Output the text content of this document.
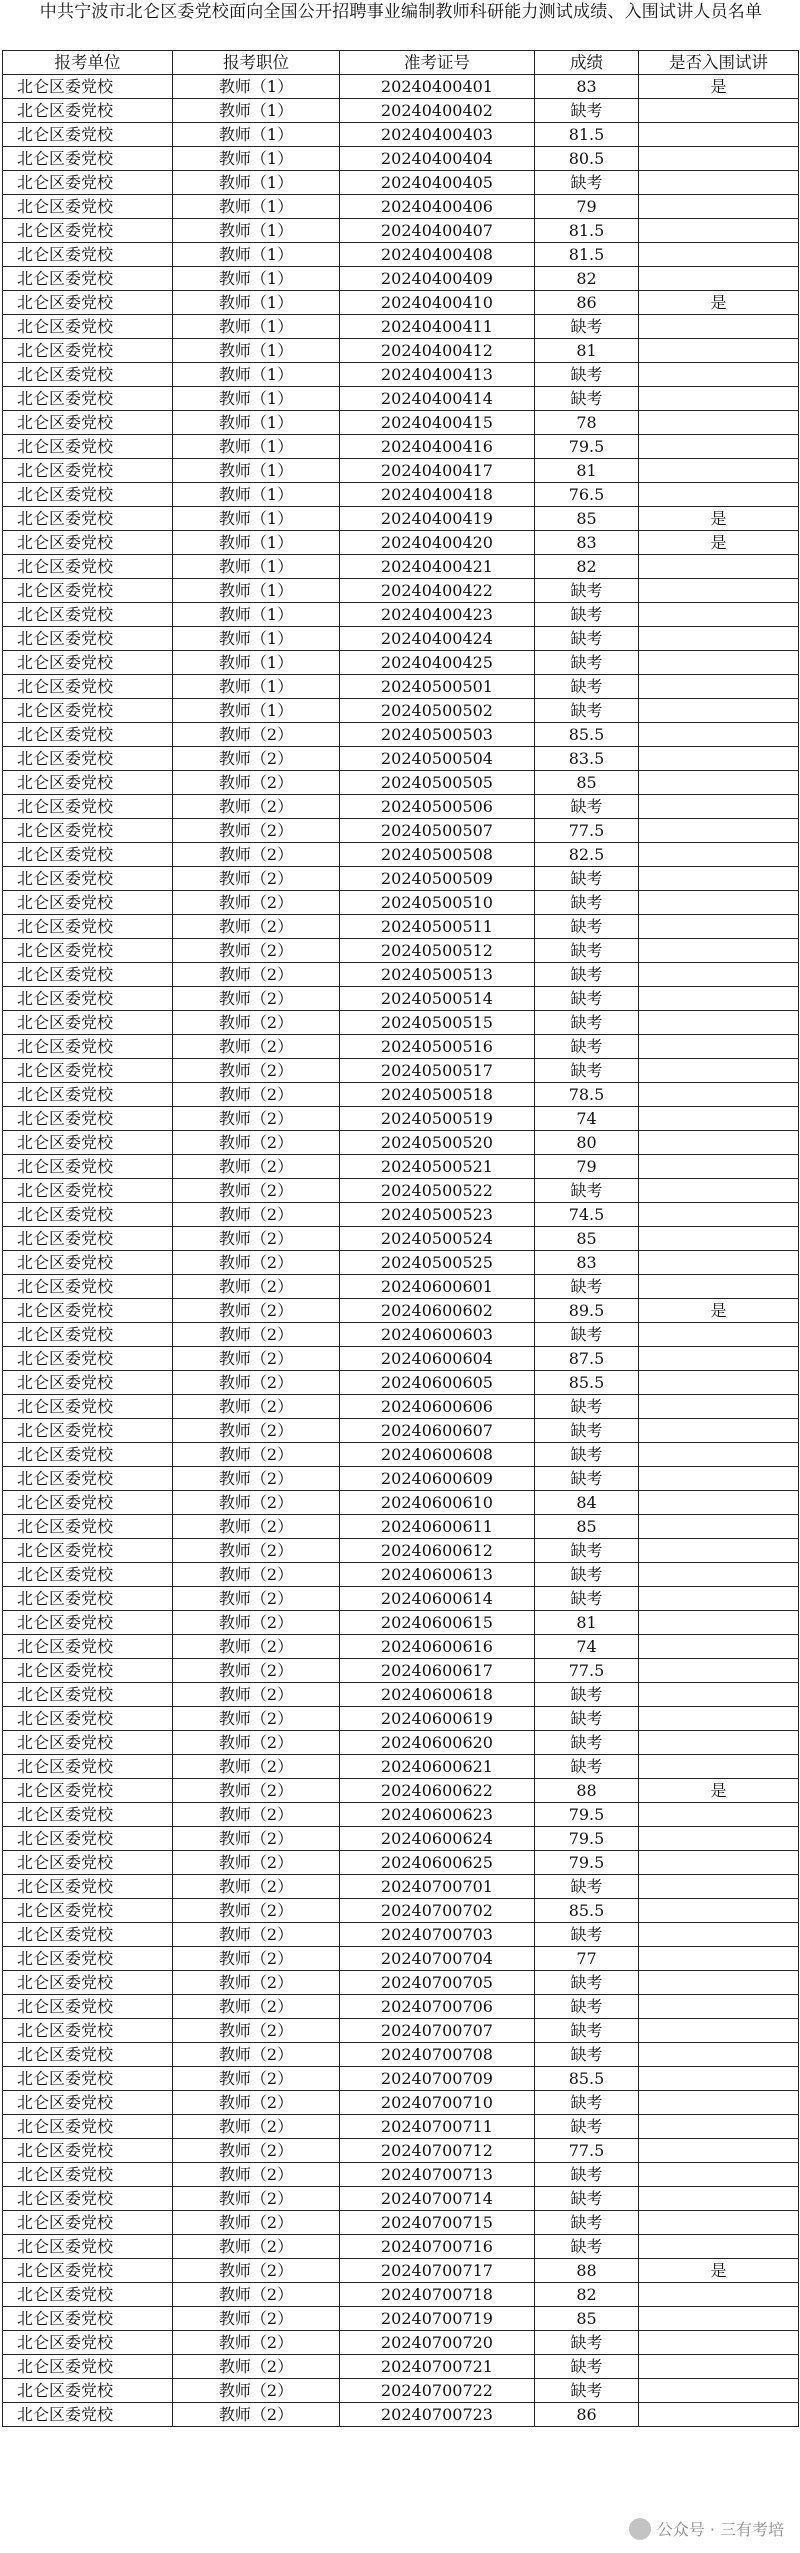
中共宁波市北仑区委党校面向全国公开招聘事业编制教师科研能力测试成绩、入围试讲人员名单
报考单位	报考职位	准考证号	成绩	是否入围试讲
北仑区委党校	教师（1）	20240400401	83	是
北仑区委党校	教师（1）	20240400402	缺考	
北仑区委党校	教师（1）	20240400403	81.5	
北仑区委党校	教师（1）	20240400404	80.5	
北仑区委党校	教师（1）	20240400405	缺考	
北仑区委党校	教师（1）	20240400406	79	
北仑区委党校	教师（1）	20240400407	81.5	
北仑区委党校	教师（1）	20240400408	81.5	
北仑区委党校	教师（1）	20240400409	82	
北仑区委党校	教师（1）	20240400410	86	是
北仑区委党校	教师（1）	20240400411	缺考	
北仑区委党校	教师（1）	20240400412	81	
北仑区委党校	教师（1）	20240400413	缺考	
北仑区委党校	教师（1）	20240400414	缺考	
北仑区委党校	教师（1）	20240400415	78	
北仑区委党校	教师（1）	20240400416	79.5	
北仑区委党校	教师（1）	20240400417	81	
北仑区委党校	教师（1）	20240400418	76.5	
北仑区委党校	教师（1）	20240400419	85	是
北仑区委党校	教师（1）	20240400420	83	是
北仑区委党校	教师（1）	20240400421	82	
北仑区委党校	教师（1）	20240400422	缺考	
北仑区委党校	教师（1）	20240400423	缺考	
北仑区委党校	教师（1）	20240400424	缺考	
北仑区委党校	教师（1）	20240400425	缺考	
北仑区委党校	教师（1）	20240500501	缺考	
北仑区委党校	教师（1）	20240500502	缺考	
北仑区委党校	教师（2）	20240500503	85.5	
北仑区委党校	教师（2）	20240500504	83.5	
北仑区委党校	教师（2）	20240500505	85	
北仑区委党校	教师（2）	20240500506	缺考	
北仑区委党校	教师（2）	20240500507	77.5	
北仑区委党校	教师（2）	20240500508	82.5	
北仑区委党校	教师（2）	20240500509	缺考	
北仑区委党校	教师（2）	20240500510	缺考	
北仑区委党校	教师（2）	20240500511	缺考	
北仑区委党校	教师（2）	20240500512	缺考	
北仑区委党校	教师（2）	20240500513	缺考	
北仑区委党校	教师（2）	20240500514	缺考	
北仑区委党校	教师（2）	20240500515	缺考	
北仑区委党校	教师（2）	20240500516	缺考	
北仑区委党校	教师（2）	20240500517	缺考	
北仑区委党校	教师（2）	20240500518	78.5	
北仑区委党校	教师（2）	20240500519	74	
北仑区委党校	教师（2）	20240500520	80	
北仑区委党校	教师（2）	20240500521	79	
北仑区委党校	教师（2）	20240500522	缺考	
北仑区委党校	教师（2）	20240500523	74.5	
北仑区委党校	教师（2）	20240500524	85	
北仑区委党校	教师（2）	20240500525	83	
北仑区委党校	教师（2）	20240600601	缺考	
北仑区委党校	教师（2）	20240600602	89.5	是
北仑区委党校	教师（2）	20240600603	缺考	
北仑区委党校	教师（2）	20240600604	87.5	
北仑区委党校	教师（2）	20240600605	85.5	
北仑区委党校	教师（2）	20240600606	缺考	
北仑区委党校	教师（2）	20240600607	缺考	
北仑区委党校	教师（2）	20240600608	缺考	
北仑区委党校	教师（2）	20240600609	缺考	
北仑区委党校	教师（2）	20240600610	84	
北仑区委党校	教师（2）	20240600611	85	
北仑区委党校	教师（2）	20240600612	缺考	
北仑区委党校	教师（2）	20240600613	缺考	
北仑区委党校	教师（2）	20240600614	缺考	
北仑区委党校	教师（2）	20240600615	81	
北仑区委党校	教师（2）	20240600616	74	
北仑区委党校	教师（2）	20240600617	77.5	
北仑区委党校	教师（2）	20240600618	缺考	
北仑区委党校	教师（2）	20240600619	缺考	
北仑区委党校	教师（2）	20240600620	缺考	
北仑区委党校	教师（2）	20240600621	缺考	
北仑区委党校	教师（2）	20240600622	88	是
北仑区委党校	教师（2）	20240600623	79.5	
北仑区委党校	教师（2）	20240600624	79.5	
北仑区委党校	教师（2）	20240600625	79.5	
北仑区委党校	教师（2）	20240700701	缺考	
北仑区委党校	教师（2）	20240700702	85.5	
北仑区委党校	教师（2）	20240700703	缺考	
北仑区委党校	教师（2）	20240700704	77	
北仑区委党校	教师（2）	20240700705	缺考	
北仑区委党校	教师（2）	20240700706	缺考	
北仑区委党校	教师（2）	20240700707	缺考	
北仑区委党校	教师（2）	20240700708	缺考	
北仑区委党校	教师（2）	20240700709	85.5	
北仑区委党校	教师（2）	20240700710	缺考	
北仑区委党校	教师（2）	20240700711	缺考	
北仑区委党校	教师（2）	20240700712	77.5	
北仑区委党校	教师（2）	20240700713	缺考	
北仑区委党校	教师（2）	20240700714	缺考	
北仑区委党校	教师（2）	20240700715	缺考	
北仑区委党校	教师（2）	20240700716	缺考	
北仑区委党校	教师（2）	20240700717	88	是
北仑区委党校	教师（2）	20240700718	82	
北仑区委党校	教师（2）	20240700719	85	
北仑区委党校	教师（2）	20240700720	缺考	
北仑区委党校	教师（2）	20240700721	缺考	
北仑区委党校	教师（2）	20240700722	缺考	
北仑区委党校	教师（2）	20240700723	86	
公众号 · 三有考培
